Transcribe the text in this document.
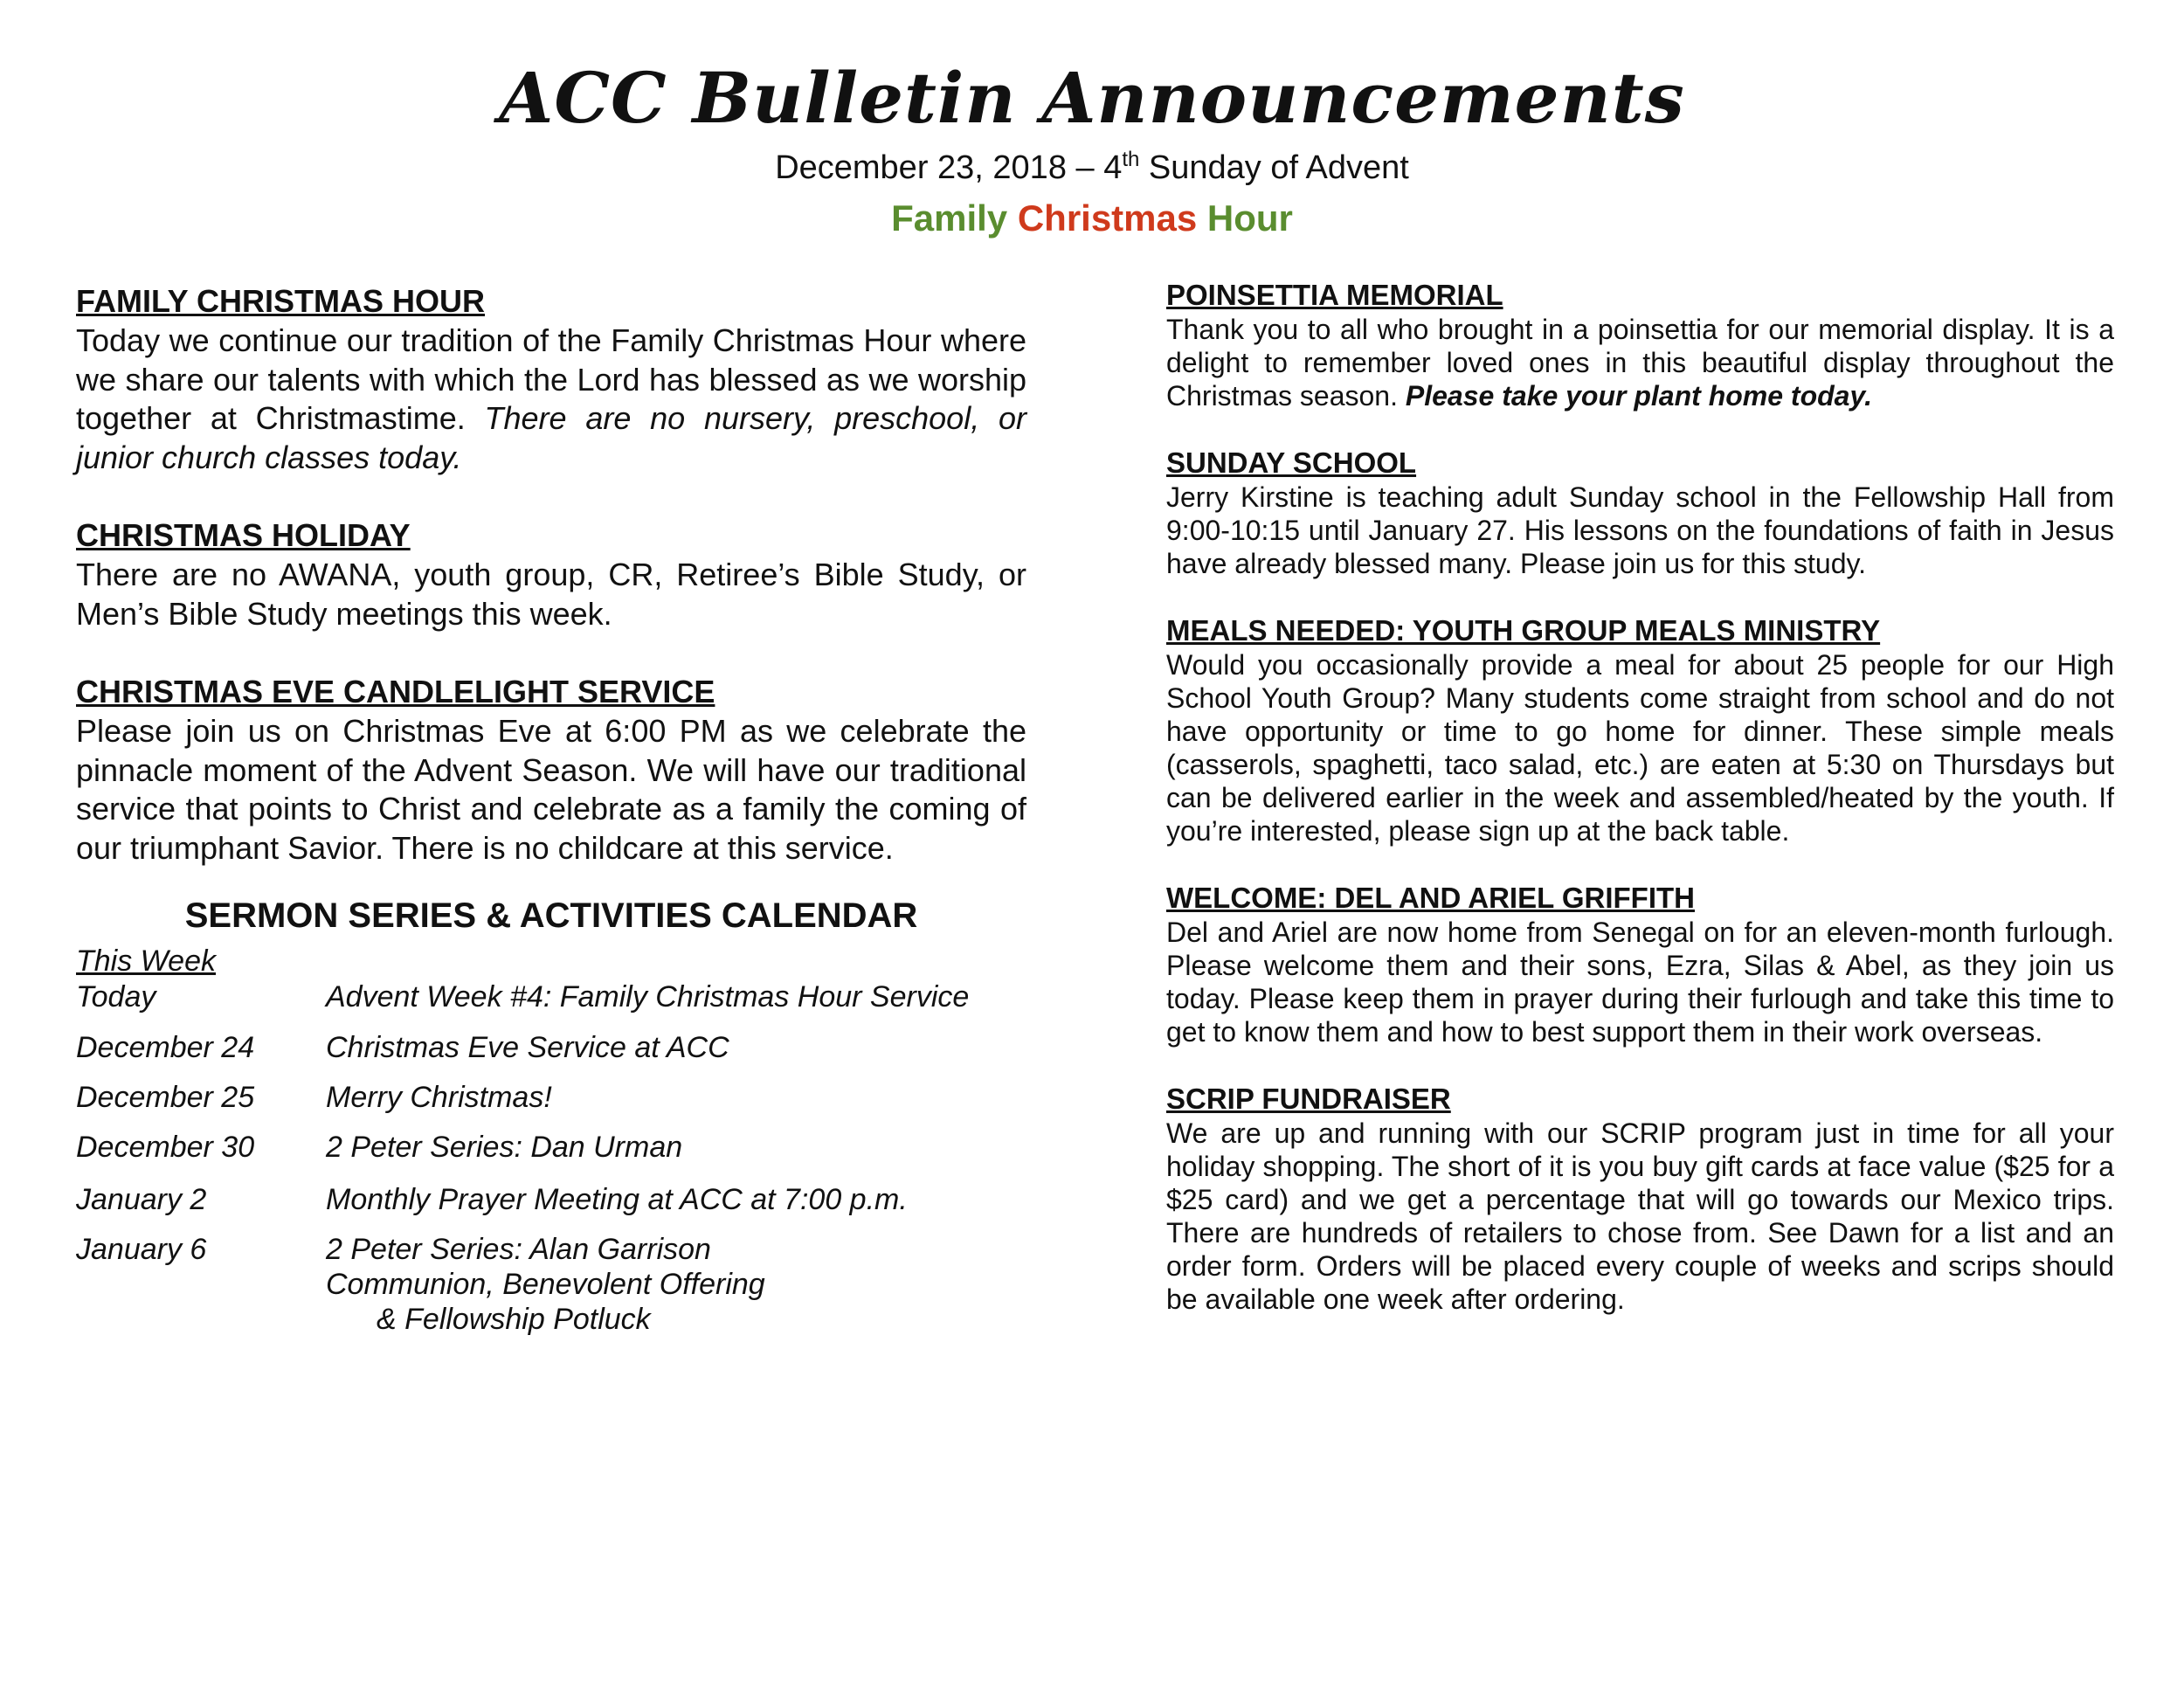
ACC Bulletin Announcements
December 23, 2018 – 4th Sunday of Advent
Family Christmas Hour
FAMILY CHRISTMAS HOUR

Today we continue our tradition of the Family Christmas Hour where we share our talents with which the Lord has blessed as we worship together at Christmastime. There are no nursery, preschool, or junior church classes today.

CHRISTMAS HOLIDAY

There are no AWANA, youth group, CR, Retiree’s Bible Study, or Men’s Bible Study meetings this week.

CHRISTMAS EVE CANDLELIGHT SERVICE

Please join us on Christmas Eve at 6:00 PM as we celebrate the pinnacle moment of the Advent Season. We will have our traditional service that points to Christ and celebrate as a family the coming of our triumphant Savior. There is no childcare at this service.

SERMON SERIES & ACTIVITIES CALENDAR
This Week
Today	Advent Week #4: Family Christmas Hour Service
December 24	Christmas Eve Service at ACC
December 25	Merry Christmas!
December 30	2 Peter Series: Dan Urman
January 2	Monthly Prayer Meeting at ACC at 7:00 p.m.
January 6	2 Peter Series: Alan Garrison
Communion, Benevolent Offering
& Fellowship Potluck
POINSETTIA MEMORIAL

Thank you to all who brought in a poinsettia for our memorial display. It is a delight to remember loved ones in this beautiful display throughout the Christmas season. Please take your plant home today.

SUNDAY SCHOOL

Jerry Kirstine is teaching adult Sunday school in the Fellowship Hall from 9:00-10:15 until January 27. His lessons on the foundations of faith in Jesus have already blessed many. Please join us for this study.

MEALS NEEDED: YOUTH GROUP MEALS MINISTRY

Would you occasionally provide a meal for about 25 people for our High School Youth Group? Many students come straight from school and do not have opportunity or time to go home for dinner. These simple meals (casserols, spaghetti, taco salad, etc.) are eaten at 5:30 on Thursdays but can be delivered earlier in the week and assembled/heated by the youth. If you’re interested, please sign up at the back table.

WELCOME: DEL AND ARIEL GRIFFITH

Del and Ariel are now home from Senegal on for an eleven-month furlough. Please welcome them and their sons, Ezra, Silas & Abel, as they join us today. Please keep them in prayer during their furlough and take this time to get to know them and how to best support them in their work overseas.

SCRIP FUNDRAISER

We are up and running with our SCRIP program just in time for all your holiday shopping. The short of it is you buy gift cards at face value ($25 for a $25 card) and we get a percentage that will go towards our Mexico trips. There are hundreds of retailers to chose from. See Dawn for a list and an order form. Orders will be placed every couple of weeks and scrips should be available one week after ordering.
